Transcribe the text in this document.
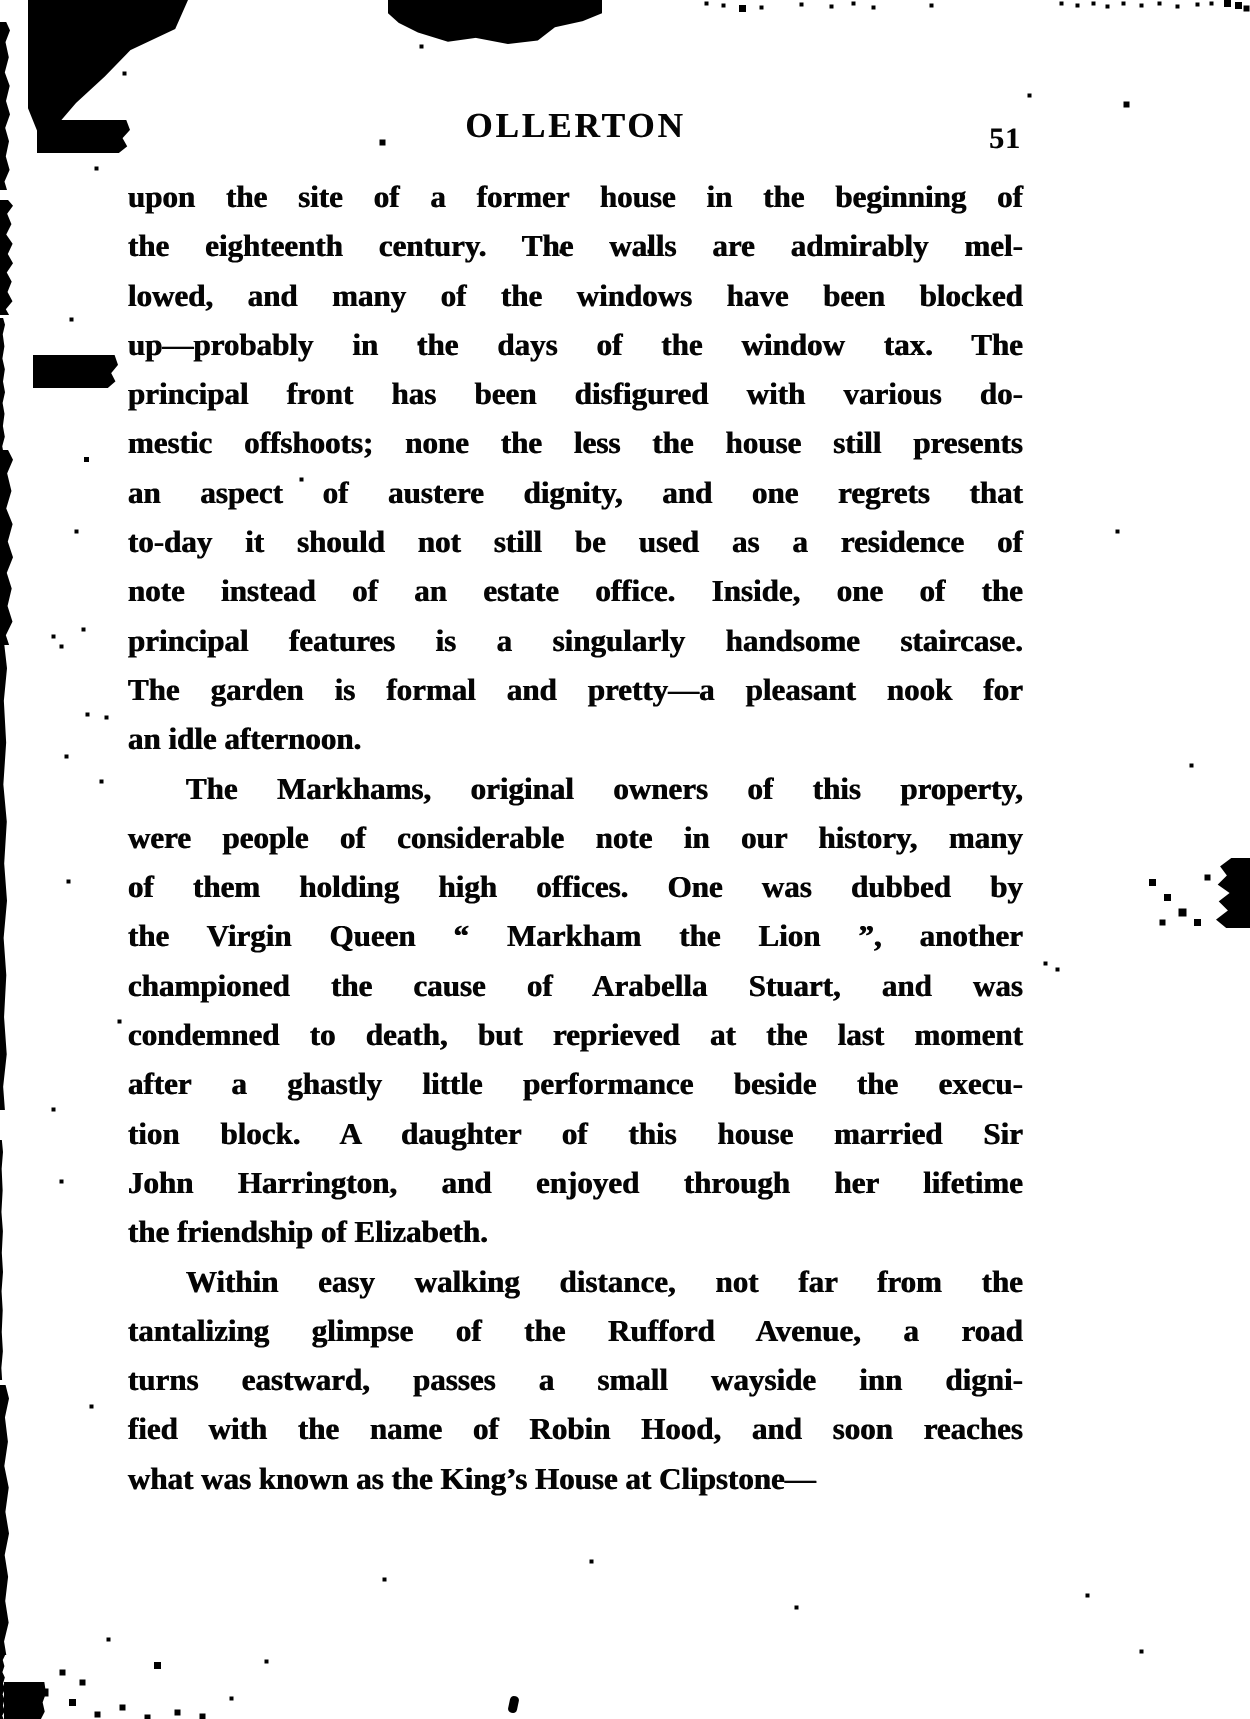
OLLERTON	51
upon the site of a former house in the beginning of
the eighteenth century. The walls are admirably mel-
lowed, and many of the windows have been blocked
up—probably in the days of the window tax. The
principal front has been disfigured with various do-
mestic offshoots; none the less the house still presents
an aspect of austere dignity, and one regrets that
to-day it should not still be used as a residence of
note instead of an estate office. Inside, one of the
principal features is a singularly handsome staircase.
The garden is formal and pretty—a pleasant nook for
an idle afternoon.
The Markhams, original owners of this property,
were people of considerable note in our history, many
of them holding high offices. One was dubbed by
the Virgin Queen “ Markham the Lion ”, another
championed the cause of Arabella Stuart, and was
condemned to death, but reprieved at the last moment
after a ghastly little performance beside the execu-
tion block. A daughter of this house married Sir
John Harrington, and enjoyed through her lifetime
the friendship of Elizabeth.
Within easy walking distance, not far from the
tantalizing glimpse of the Rufford Avenue, a road
turns eastward, passes a small wayside inn digni-
fied with the name of Robin Hood, and soon reaches
what was known as the King’s House at Clipstone—
